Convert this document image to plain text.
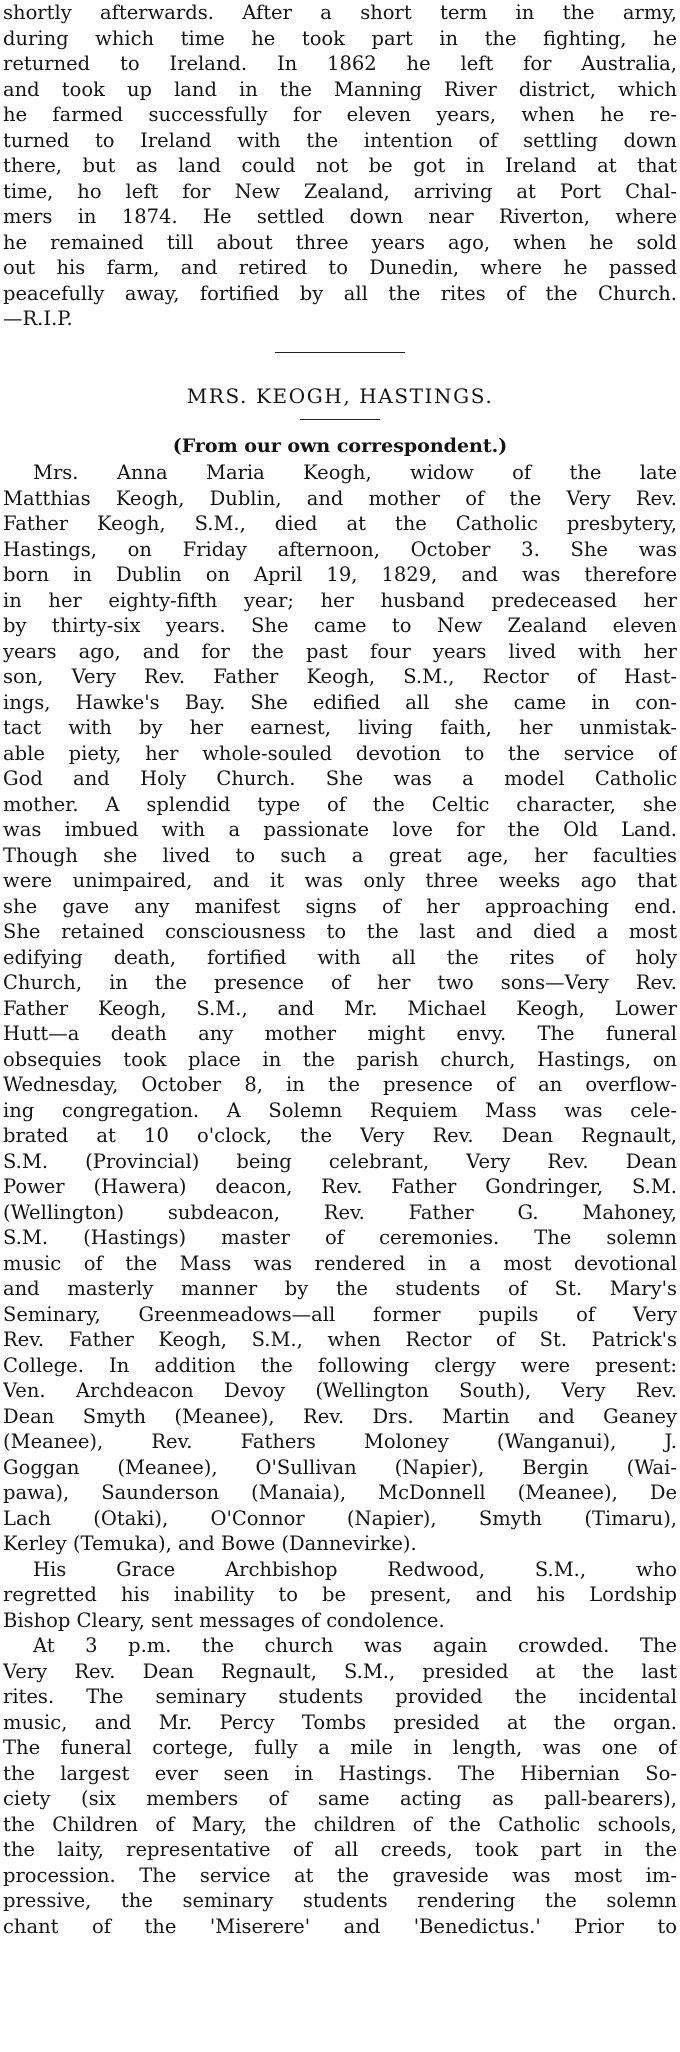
shortly afterwards. After a short term in the army,
during which time he took part in the fighting, he
returned to Ireland. In 1862 he left for Australia,
and took up land in the Manning River district, which
he farmed successfully for eleven years, when he re-
turned to Ireland with the intention of settling down
there, but as land could not be got in Ireland at that
time, ho left for New Zealand, arriving at Port Chal-
mers in 1874. He settled down near Riverton, where
he remained till about three years ago, when he sold
out his farm, and retired to Dunedin, where he passed
peacefully away, fortified by all the rites of the Church.
—R.I.P.
MRS. KEOGH, HASTINGS.
(From our own correspondent.)
Mrs. Anna Maria Keogh, widow of the late
Matthias Keogh, Dublin, and mother of the Very Rev.
Father Keogh, S.M., died at the Catholic presbytery,
Hastings, on Friday afternoon, October 3. She was
born in Dublin on April 19, 1829, and was therefore
in her eighty-fifth year; her husband predeceased her
by thirty-six years. She came to New Zealand eleven
years ago, and for the past four years lived with her
son, Very Rev. Father Keogh, S.M., Rector of Hast-
ings, Hawke's Bay. She edified all she came in con-
tact with by her earnest, living faith, her unmistak-
able piety, her whole-souled devotion to the service of
God and Holy Church. She was a model Catholic
mother. A splendid type of the Celtic character, she
was imbued with a passionate love for the Old Land.
Though she lived to such a great age, her faculties
were unimpaired, and it was only three weeks ago that
she gave any manifest signs of her approaching end.
She retained consciousness to the last and died a most
edifying death, fortified with all the rites of holy
Church, in the presence of her two sons—Very Rev.
Father Keogh, S.M., and Mr. Michael Keogh, Lower
Hutt—a death any mother might envy. The funeral
obsequies took place in the parish church, Hastings, on
Wednesday, October 8, in the presence of an overflow-
ing congregation. A Solemn Requiem Mass was cele-
brated at 10 o'clock, the Very Rev. Dean Regnault,
S.M. (Provincial) being celebrant, Very Rev. Dean
Power (Hawera) deacon, Rev. Father Gondringer, S.M.
(Wellington) subdeacon, Rev. Father G. Mahoney,
S.M. (Hastings) master of ceremonies. The solemn
music of the Mass was rendered in a most devotional
and masterly manner by the students of St. Mary's
Seminary, Greenmeadows—all former pupils of Very
Rev. Father Keogh, S.M., when Rector of St. Patrick's
College. In addition the following clergy were present:
Ven. Archdeacon Devoy (Wellington South), Very Rev.
Dean Smyth (Meanee), Rev. Drs. Martin and Geaney
(Meanee), Rev. Fathers Moloney (Wanganui), J.
Goggan (Meanee), O'Sullivan (Napier), Bergin (Wai-
pawa), Saunderson (Manaia), McDonnell (Meanee), De
Lach (Otaki), O'Connor (Napier), Smyth (Timaru),
Kerley (Temuka), and Bowe (Dannevirke).
His Grace Archbishop Redwood, S.M., who
regretted his inability to be present, and his Lordship
Bishop Cleary, sent messages of condolence.
At 3 p.m. the church was again crowded. The
Very Rev. Dean Regnault, S.M., presided at the last
rites. The seminary students provided the incidental
music, and Mr. Percy Tombs presided at the organ.
The funeral cortege, fully a mile in length, was one of
the largest ever seen in Hastings. The Hibernian So-
ciety (six members of same acting as pall-bearers),
the Children of Mary, the children of the Catholic schools,
the laity, representative of all creeds, took part in the
procession. The service at the graveside was most im-
pressive, the seminary students rendering the solemn
chant of the 'Miserere' and 'Benedictus.' Prior to
